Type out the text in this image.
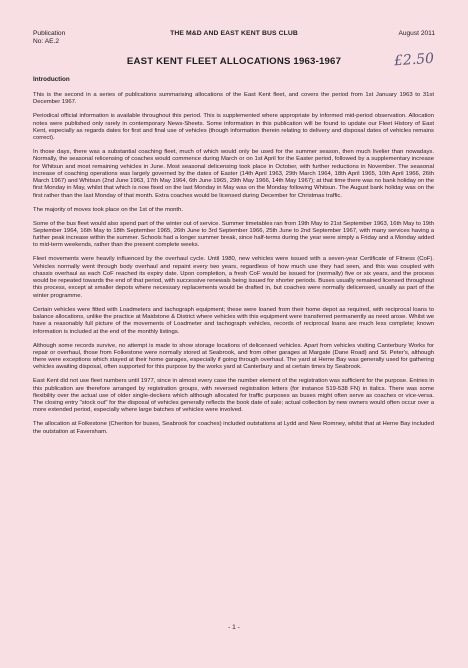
Publication
No: AE.2
THE M&D AND EAST KENT BUS CLUB	August 2011
£2.50
EAST KENT FLEET ALLOCATIONS 1963-1967
Introduction

This is the second in a series of publications summarising allocations of the East Kent fleet, and covers the period from 1st January 1963 to 31st December 1967.

Periodical official information is available throughout this period. This is supplemented where appropriate by informed mid-period observation. Allocation notes were published only rarely in contemporary News-Sheets. Some information in this publication will be found to update our Fleet History of East Kent, especially as regards dates for first and final use of vehicles (though information therein relating to delivery and disposal dates of vehicles remains correct).

In those days, there was a substantial coaching fleet, much of which would only be used for the summer season, then much livelier than nowadays. Normally, the seasonal relicensing of coaches would commence during March or on 1st April for the Easter period, followed by a supplementary increase for Whitsun and most remaining vehicles in June. Most seasonal delicensing took place in October, with further reductions in November. The seasonal increase of coaching operations was largely governed by the dates of Easter (14th April 1963, 29th March 1964, 18th April 1965, 10th April 1966, 26th March 1967) and Whitsun (2nd June 1963, 17th May 1964, 6th June 1965, 29th May 1966, 14th May 1967); at that time there was no bank holiday on the first Monday in May, whilst that which is now fixed on the last Monday in May was on the Monday following Whitsun. The August bank holiday was on the first rather than the last Monday of that month. Extra coaches would be licensed during December for Christmas traffic.

The majority of moves took place on the 1st of the month.

Some of the bus fleet would also spend part of the winter out of service. Summer timetables ran from 19th May to 21st September 1963, 16th May to 19th September 1964, 16th May to 18th September 1965, 26th June to 3rd September 1966, 25th June to 2nd September 1967, with many services having a further peak increase within the summer. Schools had a longer summer break, since half-terms during the year were simply a Friday and a Monday added to mid-term weekends, rather than the present complete weeks.

Fleet movements were heavily influenced by the overhaul cycle. Until 1980, new vehicles were issued with a seven-year Certificate of Fitness (CoF). Vehicles normally went through body overhaul and repaint every two years, regardless of how much use they had seen, and this was coupled with chassis overhaul as each CoF reached its expiry date. Upon completion, a fresh CoF would be issued for (normally) five or six years, and the process would be repeated towards the end of that period, with successive renewals being issued for shorter periods. Buses usually remained licensed throughout this process, except at smaller depots where necessary replacements would be drafted in, but coaches were normally delicensed, usually as part of the winter programme.

Certain vehicles were fitted with Loadmeters and tachograph equipment; these were loaned from their home depot as required, with reciprocal loans to balance allocations, unlike the practice at Maidstone & District where vehicles with this equipment were transferred permanently as need arose. Whilst we have a reasonably full picture of the movements of Loadmeter and tachograph vehicles, records of reciprocal loans are much less complete; known information is included at the end of the monthly listings.

Although some records survive, no attempt is made to show storage locations of delicensed vehicles. Apart from vehicles visiting Canterbury Works for repair or overhaul, those from Folkestone were normally stored at Seabrook, and from other garages at Margate (Dane Road) and St. Peter's, although there were exceptions which stayed at their home garages, especially if going through overhaul. The yard at Herne Bay was generally used for gathering vehicles awaiting disposal, often supported for this purpose by the works yard at Canterbury and at certain times by Seabrook.

East Kent did not use fleet numbers until 1977, since in almost every case the number element of the registration was sufficient for the purpose. Entries in this publication are therefore arranged by registration groups, with reversed registration letters (for instance 519-538 FN) in italics. There was some flexibility over the actual use of older single-deckers which although allocated for traffic purposes as buses might often serve as coaches or vice-versa. The closing entry "stock out" for the disposal of vehicles generally reflects the book date of sale; actual collection by new owners would often occur over a more extended period, especially where large batches of vehicles were involved.

The allocation at Folkestone (Cheriton for buses, Seabrook for coaches) included outstations at Lydd and New Romney, whilst that at Herne Bay included the outstation at Faversham.

- 1 -
